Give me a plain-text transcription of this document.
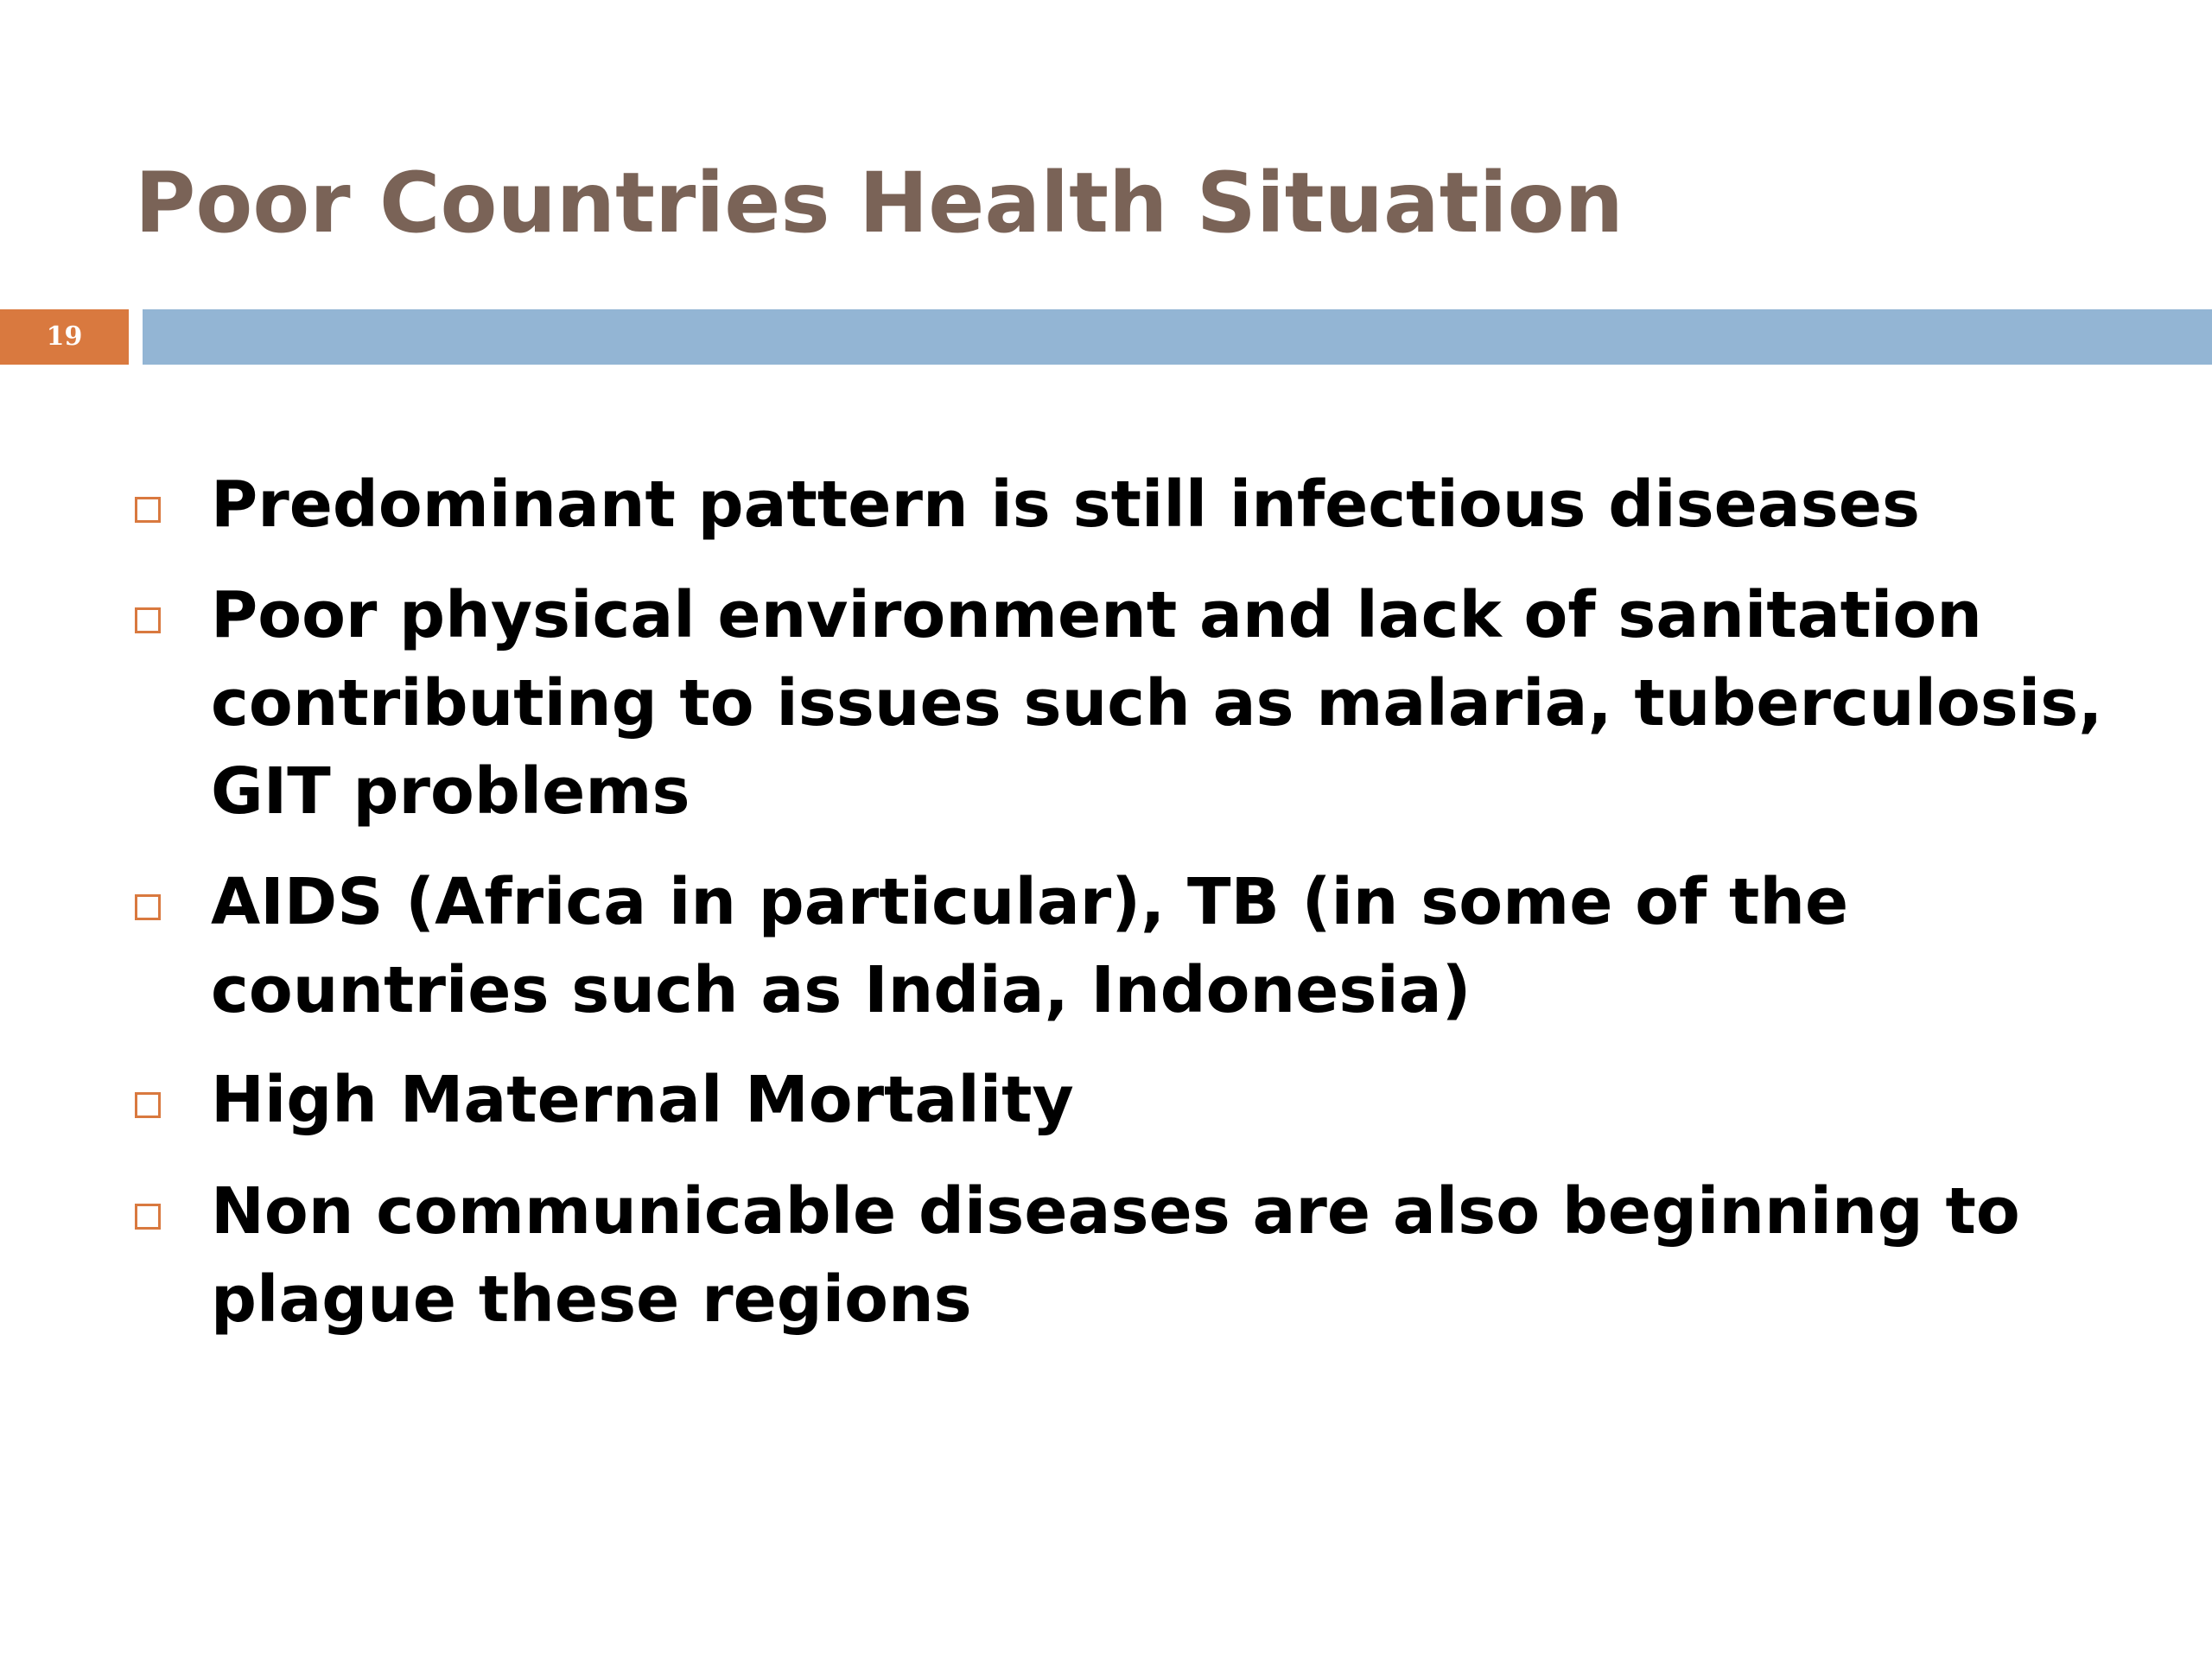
Poor Countries Health Situation
19
Predominant pattern is still infectious diseases
Poor physical environment and lack of sanitation contributing to issues such as malaria, tuberculosis, GIT problems
AIDS (Africa in particular), TB (in some of the countries such as India, Indonesia)
High Maternal Mortality
Non communicable diseases are also beginning to plague these regions
